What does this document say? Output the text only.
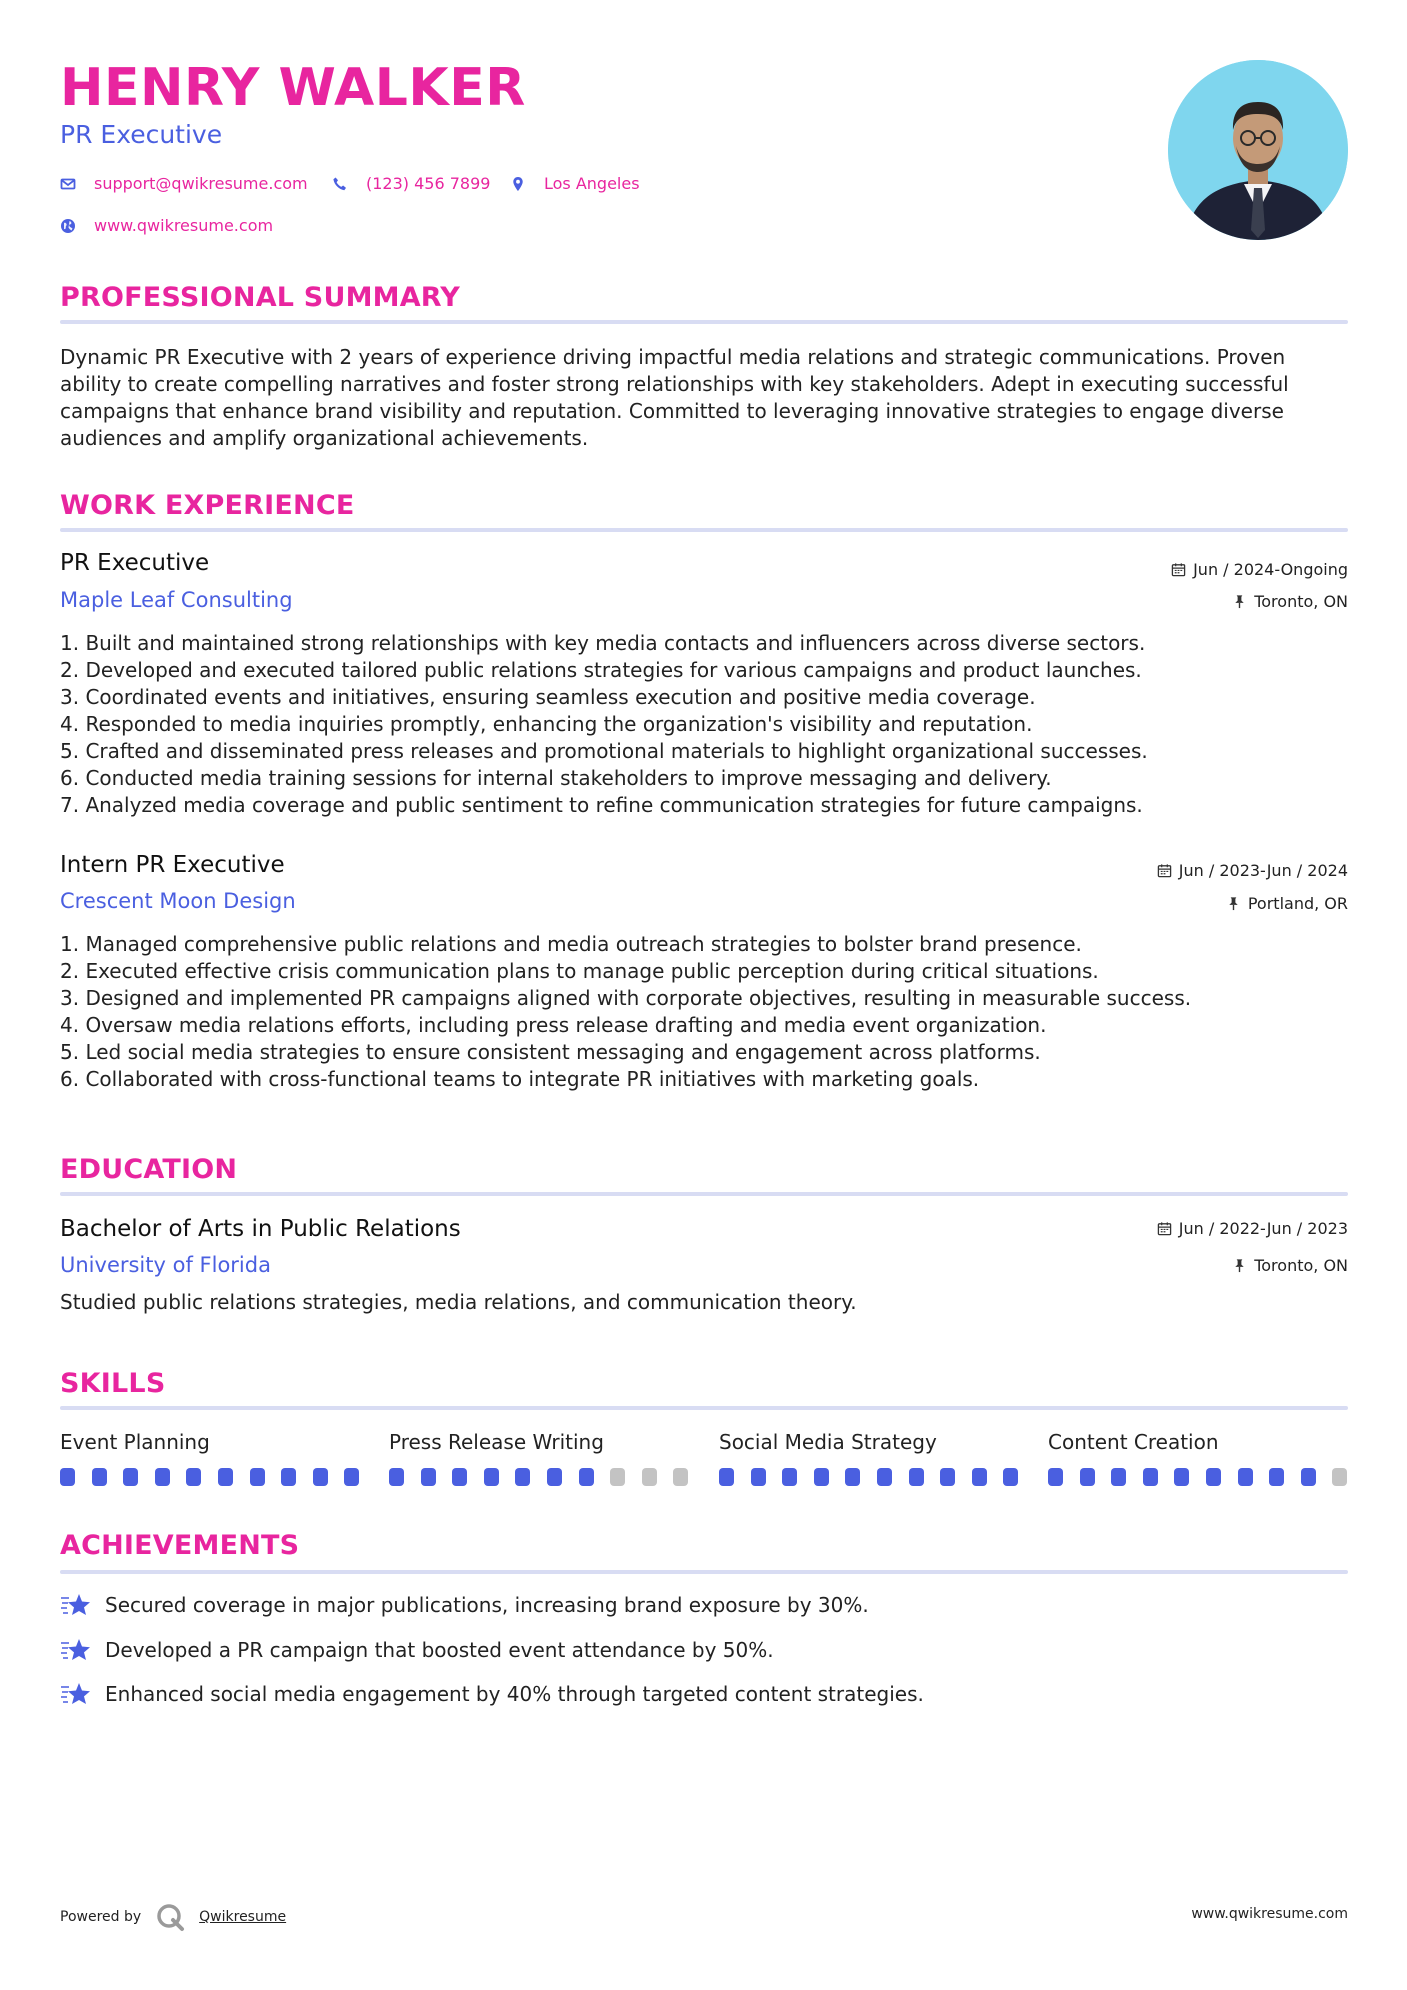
HENRY WALKER
PR Executive
support@qwikresume.com	(123) 456 7899	Los Angeles
www.qwikresume.com
PROFESSIONAL SUMMARY
Dynamic PR Executive with 2 years of experience driving impactful media relations and strategic communications. Proven
ability to create compelling narratives and foster strong relationships with key stakeholders. Adept in executing successful
campaigns that enhance brand visibility and reputation. Committed to leveraging innovative strategies to engage diverse
audiences and amplify organizational achievements.
WORK EXPERIENCE
PR Executive	Jun / 2024-Ongoing
Maple Leaf Consulting	Toronto, ON
1. Built and maintained strong relationships with key media contacts and influencers across diverse sectors.
2. Developed and executed tailored public relations strategies for various campaigns and product launches.
3. Coordinated events and initiatives, ensuring seamless execution and positive media coverage.
4. Responded to media inquiries promptly, enhancing the organization's visibility and reputation.
5. Crafted and disseminated press releases and promotional materials to highlight organizational successes.
6. Conducted media training sessions for internal stakeholders to improve messaging and delivery.
7. Analyzed media coverage and public sentiment to refine communication strategies for future campaigns.
Intern PR Executive	Jun / 2023-Jun / 2024
Crescent Moon Design	Portland, OR
1. Managed comprehensive public relations and media outreach strategies to bolster brand presence.
2. Executed effective crisis communication plans to manage public perception during critical situations.
3. Designed and implemented PR campaigns aligned with corporate objectives, resulting in measurable success.
4. Oversaw media relations efforts, including press release drafting and media event organization.
5. Led social media strategies to ensure consistent messaging and engagement across platforms.
6. Collaborated with cross-functional teams to integrate PR initiatives with marketing goals.
EDUCATION
Bachelor of Arts in Public Relations	Jun / 2022-Jun / 2023
University of Florida	Toronto, ON
Studied public relations strategies, media relations, and communication theory.
SKILLS
Event Planning	Press Release Writing	Social Media Strategy	Content Creation
ACHIEVEMENTS
Secured coverage in major publications, increasing brand exposure by 30%.
Developed a PR campaign that boosted event attendance by 50%.
Enhanced social media engagement by 40% through targeted content strategies.
Powered by	Qwikresume	www.qwikresume.com
